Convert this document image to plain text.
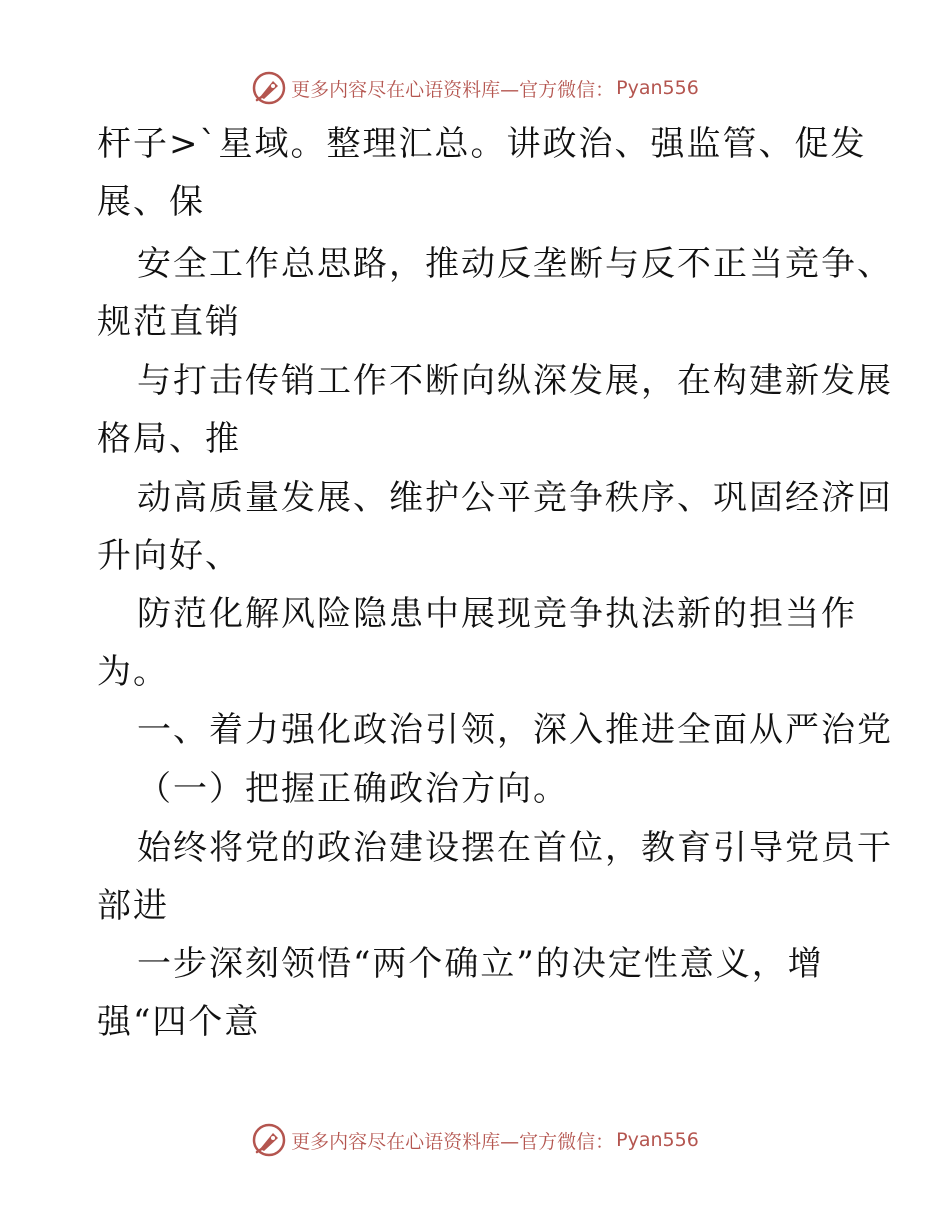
更多内容尽在心语资料库—官方微信： Pyan556
杆子>`星域。整理汇总。讲政治、强监管、促发
展、保
安全工作总思路，推动反垄断与反不正当竞争、
规范直销
与打击传销工作不断向纵深发展，在构建新发展
格局、推
动高质量发展、维护公平竞争秩序、巩固经济回
升向好、
防范化解风险隐患中展现竞争执法新的担当作
为。
一、着力强化政治引领，深入推进全面从严治党
（一）把握正确政治方向。
始终将党的政治建设摆在首位，教育引导党员干
部进
一步深刻领悟“两个确立”的决定性意义，增
强“四个意
更多内容尽在心语资料库—官方微信： Pyan556
